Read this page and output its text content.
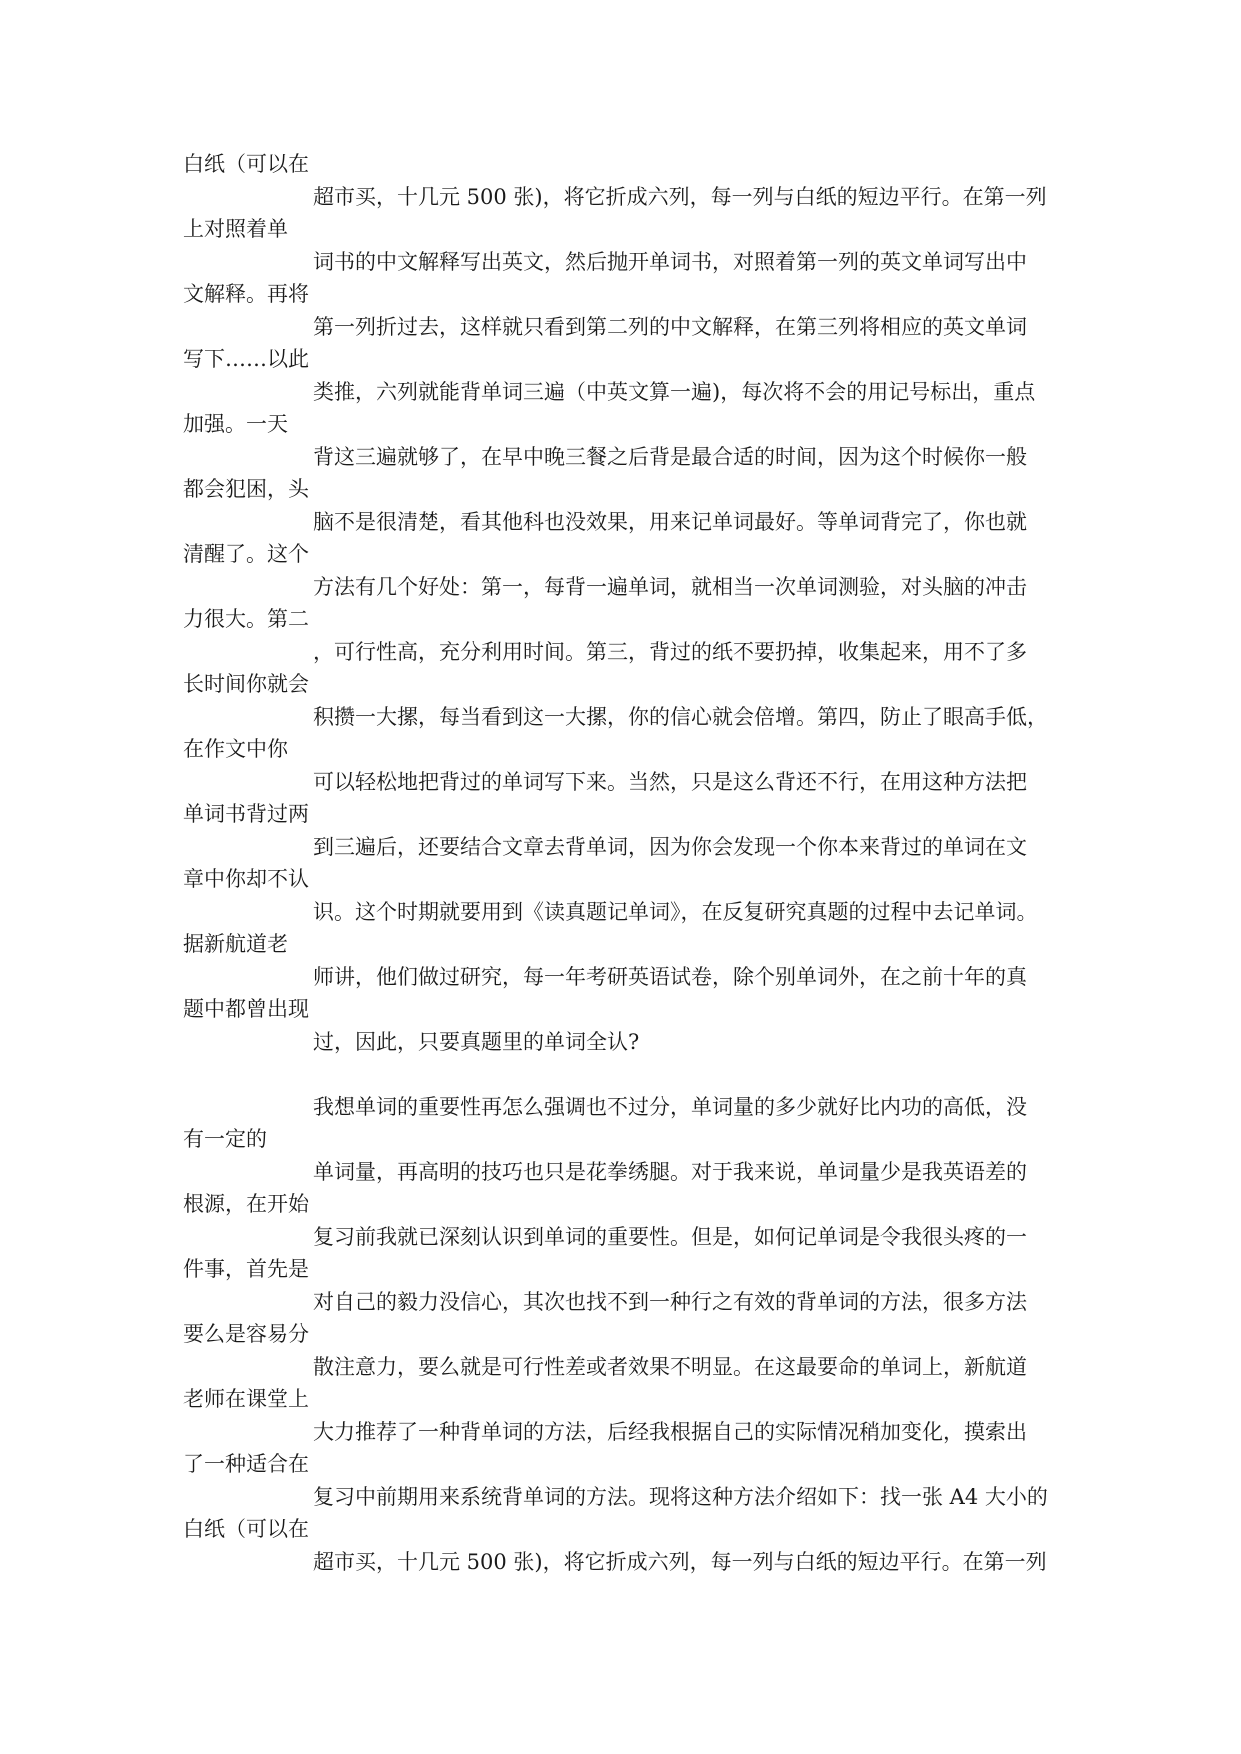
白纸（可以在
超市买，十几元 500 张)，将它折成六列，每一列与白纸的短边平行。在第一列
上对照着单
词书的中文解释写出英文，然后抛开单词书，对照着第一列的英文单词写出中
文解释。再将
第一列折过去，这样就只看到第二列的中文解释，在第三列将相应的英文单词
写下……以此
类推，六列就能背单词三遍（中英文算一遍)，每次将不会的用记号标出，重点
加强。一天
背这三遍就够了，在早中晚三餐之后背是最合适的时间，因为这个时候你一般
都会犯困，头
脑不是很清楚，看其他科也没效果，用来记单词最好。等单词背完了，你也就
清醒了。这个
方法有几个好处：第一，每背一遍单词，就相当一次单词测验，对头脑的冲击
力很大。第二
，可行性高，充分利用时间。第三，背过的纸不要扔掉，收集起来，用不了多
长时间你就会
积攒一大摞，每当看到这一大摞，你的信心就会倍增。第四，防止了眼高手低，
在作文中你
可以轻松地把背过的单词写下来。当然，只是这么背还不行，在用这种方法把
单词书背过两
到三遍后，还要结合文章去背单词，因为你会发现一个你本来背过的单词在文
章中你却不认
识。这个时期就要用到《读真题记单词》，在反复研究真题的过程中去记单词。
据新航道老
师讲，他们做过研究，每一年考研英语试卷，除个别单词外，在之前十年的真
题中都曾出现
过，因此，只要真题里的单词全认?
我想单词的重要性再怎么强调也不过分，单词量的多少就好比内功的高低，没
有一定的
单词量，再高明的技巧也只是花拳绣腿。对于我来说，单词量少是我英语差的
根源，在开始
复习前我就已深刻认识到单词的重要性。但是，如何记单词是令我很头疼的一
件事，首先是
对自己的毅力没信心，其次也找不到一种行之有效的背单词的方法，很多方法
要么是容易分
散注意力，要么就是可行性差或者效果不明显。在这最要命的单词上，新航道
老师在课堂上
大力推荐了一种背单词的方法，后经我根据自己的实际情况稍加变化，摸索出
了一种适合在
复习中前期用来系统背单词的方法。现将这种方法介绍如下：找一张 A4 大小的
白纸（可以在
超市买，十几元 500 张)，将它折成六列，每一列与白纸的短边平行。在第一列
